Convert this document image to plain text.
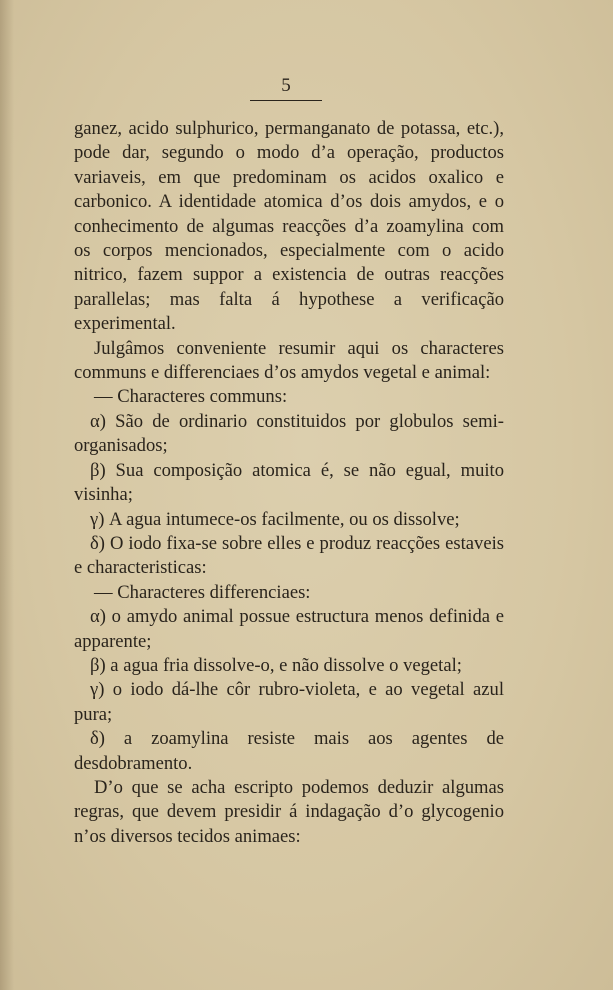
5

ganez, acido sulphurico, permanganato de potassa, etc.), pode dar, segundo o modo d’a operação, productos variaveis, em que predominam os acidos oxalico e carbonico. A identidade atomica d’os dois amydos, e o conhecimento de algumas reacções d’a zoamylina com os corpos mencionados, especialmente com o acido nitrico, fazem suppor a existencia de outras reacções parallelas; mas falta á hypothese a verificação experimental.

Julgâmos conveniente resumir aqui os characteres communs e differenciaes d’os amydos vegetal e animal:

— Characteres communs:

α) São de ordinario constituidos por globulos semi-organisados;

β) Sua composição atomica é, se não egual, muito visinha;

γ) A agua intumece-os facilmente, ou os dissolve;

δ) O iodo fixa-se sobre elles e produz reacções estaveis e characteristicas:

— Characteres differenciaes:

α) o amydo animal possue estructura menos definida e apparente;

β) a agua fria dissolve-o, e não dissolve o vegetal;

γ) o iodo dá-lhe côr rubro-violeta, e ao vegetal azul pura;

δ) a zoamylina resiste mais aos agentes de desdobramento.

D’o que se acha escripto podemos deduzir algumas regras, que devem presidir á indagação d’o glycogenio n’os diversos tecidos animaes:
